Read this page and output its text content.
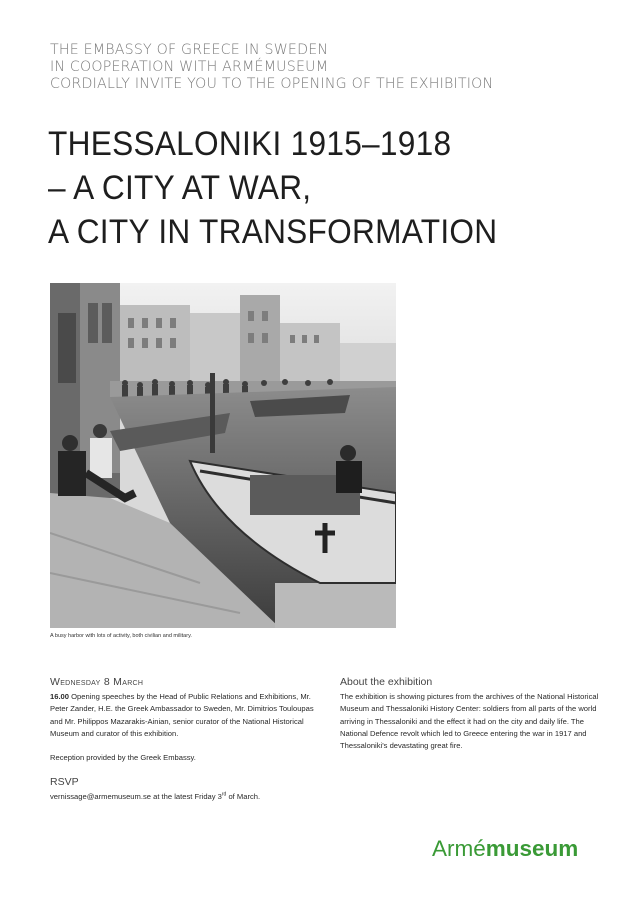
THE EMBASSY OF GREECE IN SWEDEN
IN COOPERATION WITH ARMÉMUSEUM
CORDIALLY INVITE YOU TO THE OPENING OF THE EXHIBITION
THESSALONIKI 1915–1918
– A CITY AT WAR,
A CITY IN TRANSFORMATION
A busy harbor with lots of activity, both civilian and military.
Wednesday 8 March

16.00 Opening speeches by the Head of Public Relations and Exhibitions, Mr. Peter Zander, H.E. the Greek Ambassador to Sweden, Mr. Dimitrios Touloupas and Mr. Philippos Mazarakis-Ainian, senior curator of the National Historical Museum and curator of this exhibition.

Reception provided by the Greek Embassy.

RSVP

vernissage@armemuseum.se at the latest Friday 3rd of March.

About the exhibition

The exhibition is showing pictures from the archives of the National Historical Museum and Thessaloniki History Center: soldiers from all parts of the world arriving in Thessaloniki and the effect it had on the city and daily life. The National Defence revolt which led to Greece entering the war in 1917 and Thessaloniki's devastating great fire.

Armémuseum
